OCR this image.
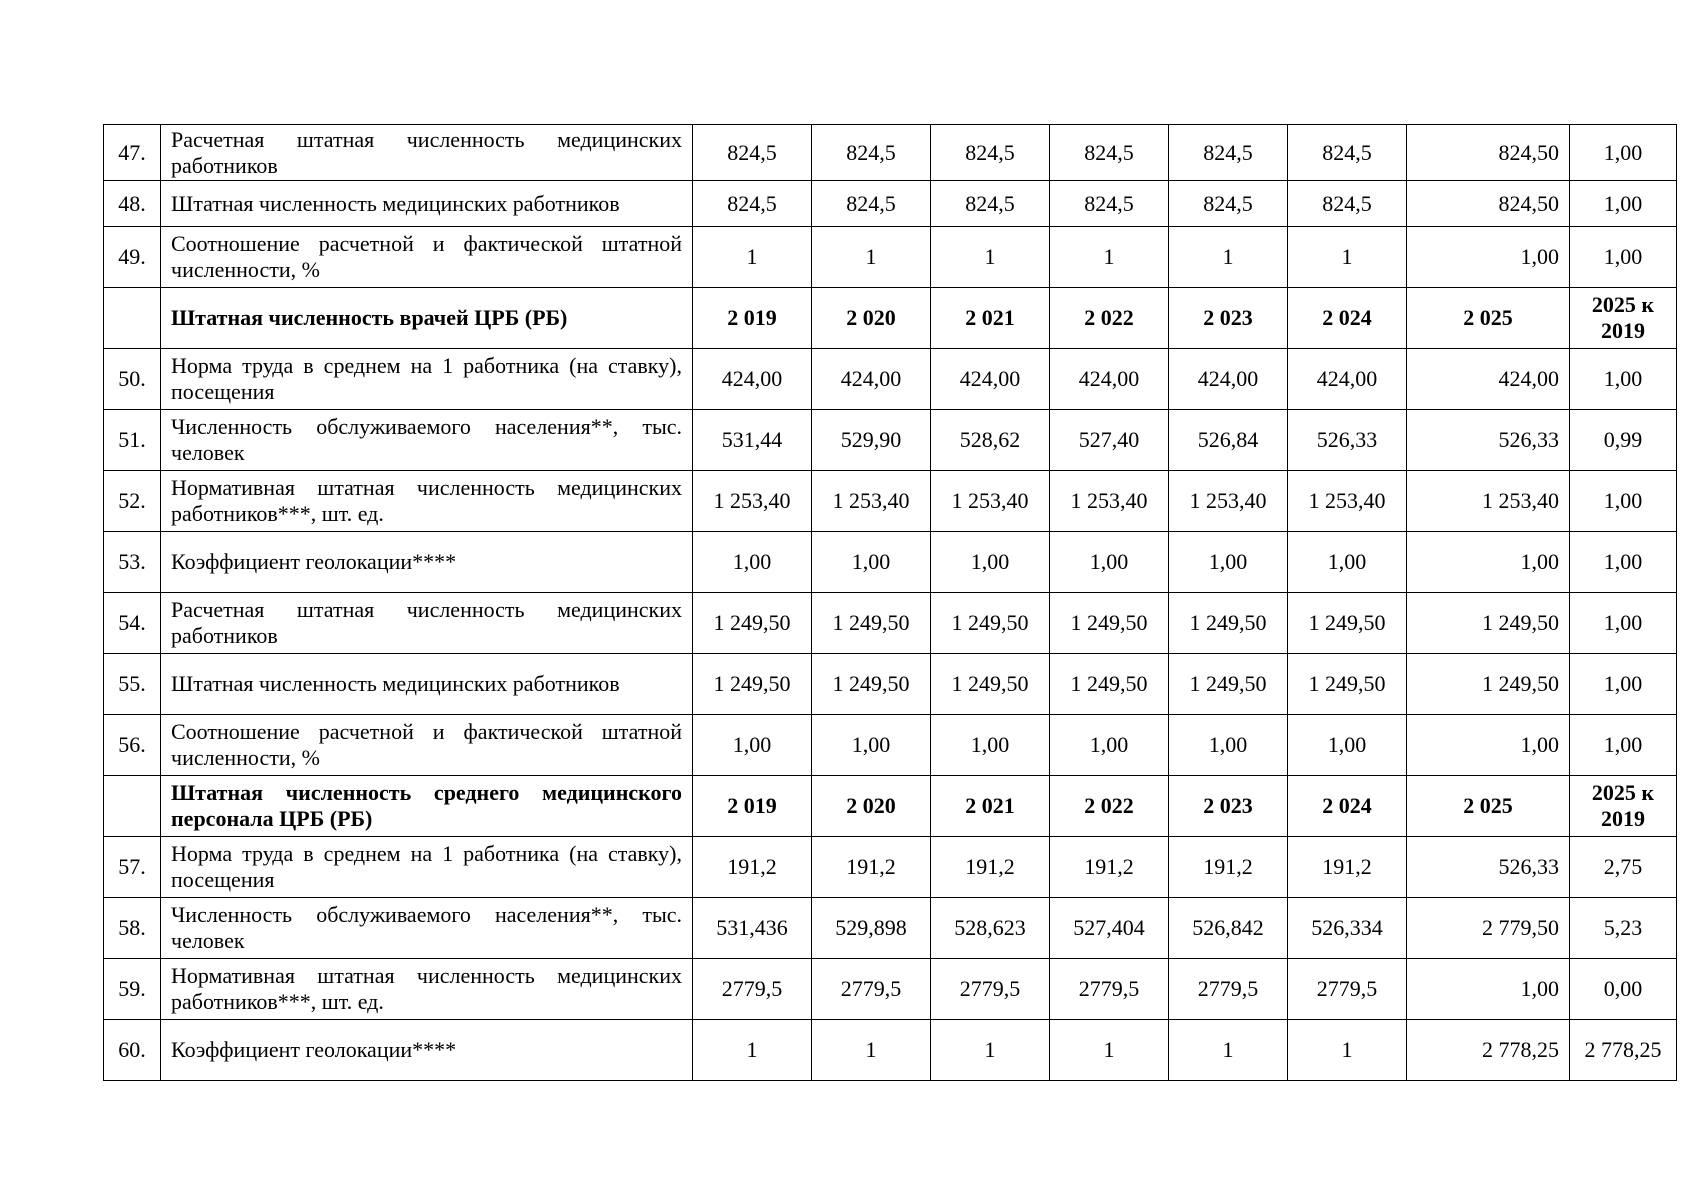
47.	Расчетная штатная численность медицинских работников	824,5	824,5	824,5	824,5	824,5	824,5	824,50	1,00
48.	Штатная численность медицинских работников	824,5	824,5	824,5	824,5	824,5	824,5	824,50	1,00
49.	Соотношение расчетной и фактической штатной численности, %	1	1	1	1	1	1	1,00	1,00
	Штатная численность врачей ЦРБ (РБ)	2 019	2 020	2 021	2 022	2 023	2 024	2 025	2025 к 2019
50.	Норма труда в среднем на 1 работника (на ставку), посещения	424,00	424,00	424,00	424,00	424,00	424,00	424,00	1,00
51.	Численность обслуживаемого населения**, тыс. человек	531,44	529,90	528,62	527,40	526,84	526,33	526,33	0,99
52.	Нормативная штатная численность медицинских работников***, шт. ед.	1 253,40	1 253,40	1 253,40	1 253,40	1 253,40	1 253,40	1 253,40	1,00
53.	Коэффициент геолокации****	1,00	1,00	1,00	1,00	1,00	1,00	1,00	1,00
54.	Расчетная штатная численность медицинских работников	1 249,50	1 249,50	1 249,50	1 249,50	1 249,50	1 249,50	1 249,50	1,00
55.	Штатная численность медицинских работников	1 249,50	1 249,50	1 249,50	1 249,50	1 249,50	1 249,50	1 249,50	1,00
56.	Соотношение расчетной и фактической штатной численности, %	1,00	1,00	1,00	1,00	1,00	1,00	1,00	1,00
	Штатная численность среднего медицинского персонала ЦРБ (РБ)	2 019	2 020	2 021	2 022	2 023	2 024	2 025	2025 к 2019
57.	Норма труда в среднем на 1 работника (на ставку), посещения	191,2	191,2	191,2	191,2	191,2	191,2	526,33	2,75
58.	Численность обслуживаемого населения**, тыс. человек	531,436	529,898	528,623	527,404	526,842	526,334	2 779,50	5,23
59.	Нормативная штатная численность медицинских работников***, шт. ед.	2779,5	2779,5	2779,5	2779,5	2779,5	2779,5	1,00	0,00
60.	Коэффициент геолокации****	1	1	1	1	1	1	2 778,25	2 778,25
